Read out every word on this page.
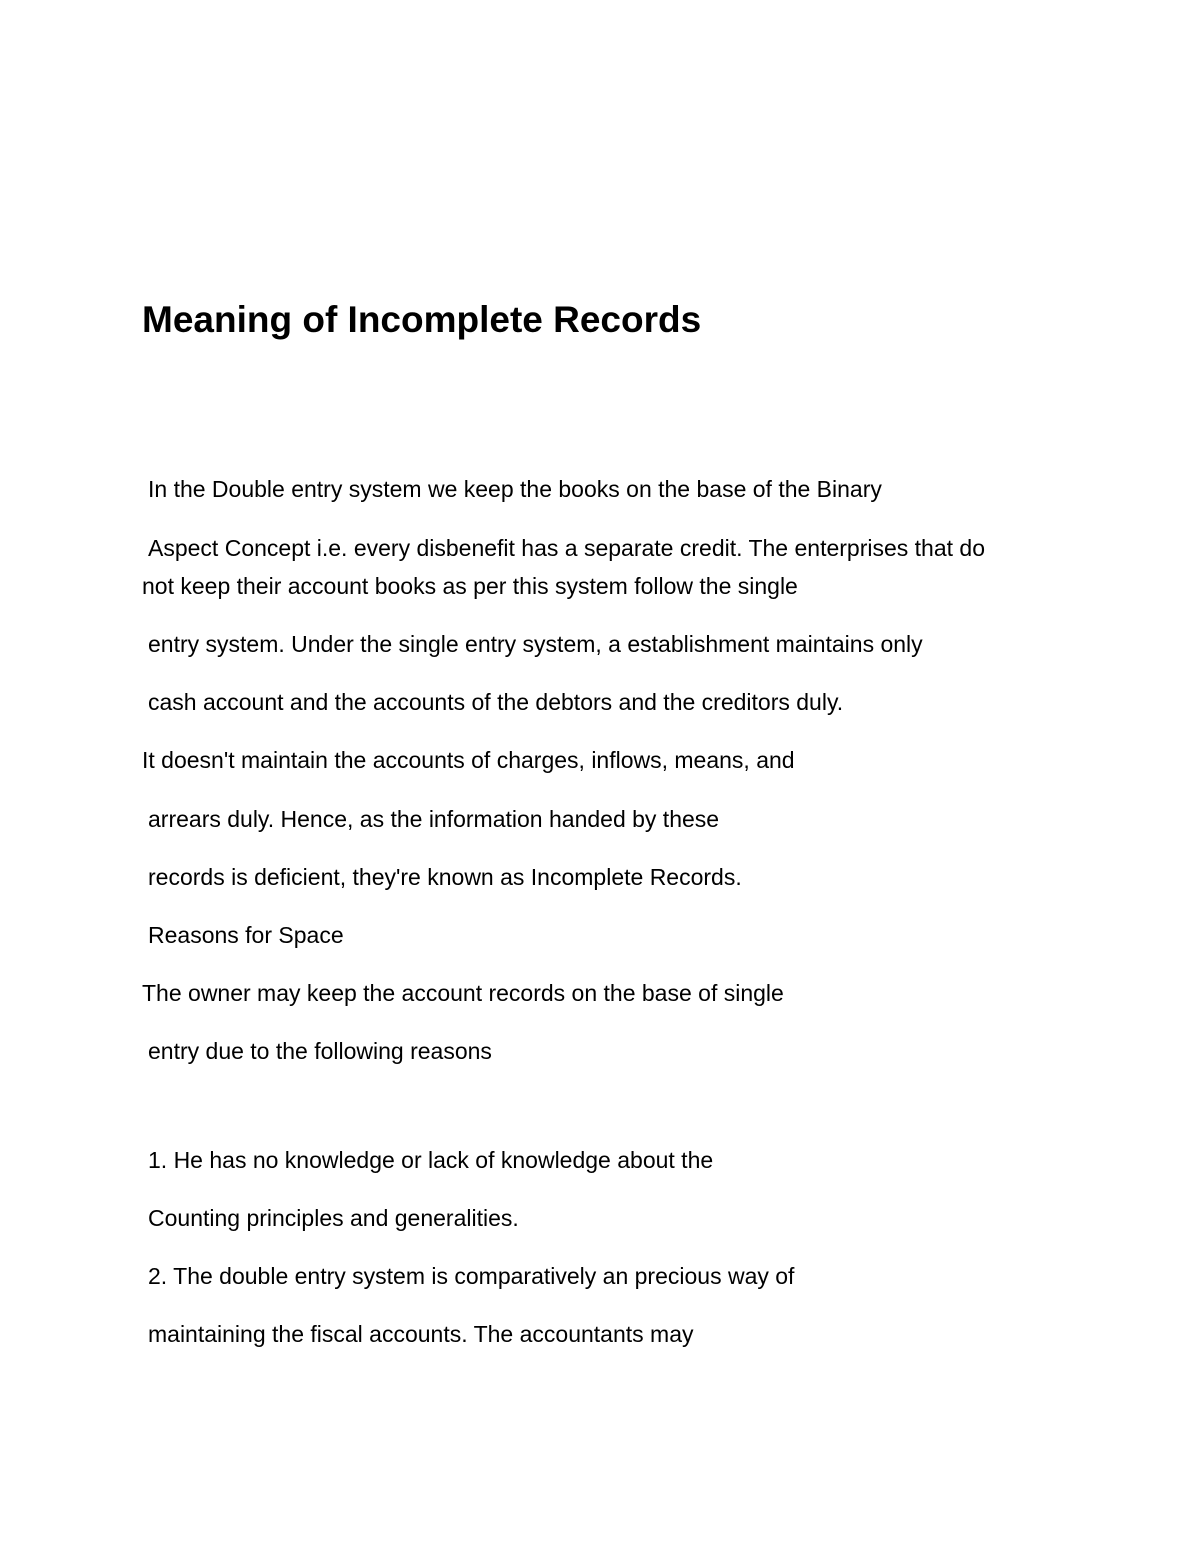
Meaning of Incomplete Records

In the Double entry system we keep the books on the base of the Binary

Aspect Concept i.e. every disbenefit has a separate credit. The enterprises that do

not keep their account books as per this system follow the single

entry system. Under the single entry system, a establishment maintains only

cash account and the accounts of the debtors and the creditors duly.

It doesn't maintain the accounts of charges, inflows, means, and

arrears duly. Hence, as the information handed by these

records is deficient, they're known as Incomplete Records.

Reasons for Space

The owner may keep the account records on the base of single

entry due to the following reasons

1. He has no knowledge or lack of knowledge about the

Counting principles and generalities.

2. The double entry system is comparatively an precious way of

maintaining the fiscal accounts. The accountants may
